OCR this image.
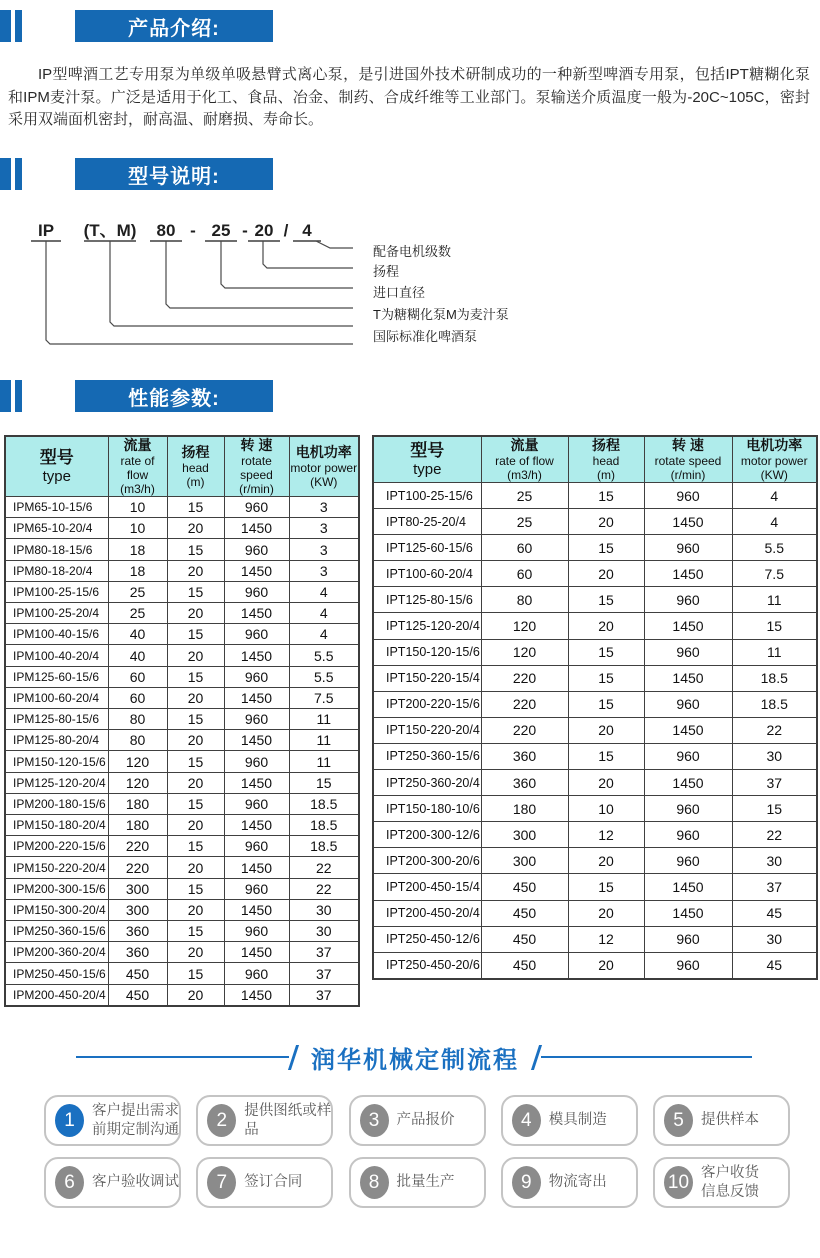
产品介绍:
IP型啤酒工艺专用泵为单级单吸悬臂式离心泵，是引进国外技术研制成功的一种新型啤酒专用泵，包括IPT糖糊化泵和IPM麦汁泵。广泛是适用于化工、食品、冶金、制药、合成纤维等工业部门。泵输送介质温度一般为-20C~105C，密封采用双端面机密封，耐高温、耐磨损、寿命长。
型号说明:
IP (T、M) 80 - 25 - 20 / 4
配备电机级数
扬程
进口直径
T为糖糊化泵M为麦汁泵
国际标准化啤酒泵
性能参数:
型号
type

流量
rate of flow
(m3/h)

扬程
head
(m)

转 速
rotate speed
(r/min)

电机功率
motor power
(KW)

IPM65-10-15/6	10	15	960	3
IPM65-10-20/4	10	20	1450	3
IPM80-18-15/6	18	15	960	3
IPM80-18-20/4	18	20	1450	3
IPM100-25-15/6	25	15	960	4
IPM100-25-20/4	25	20	1450	4
IPM100-40-15/6	40	15	960	4
IPM100-40-20/4	40	20	1450	5.5
IPM125-60-15/6	60	15	960	5.5
IPM100-60-20/4	60	20	1450	7.5
IPM125-80-15/6	80	15	960	11
IPM125-80-20/4	80	20	1450	11
IPM150-120-15/6	120	15	960	11
IPM125-120-20/4	120	20	1450	15
IPM200-180-15/6	180	15	960	18.5
IPM150-180-20/4	180	20	1450	18.5
IPM200-220-15/6	220	15	960	18.5
IPM150-220-20/4	220	20	1450	22
IPM200-300-15/6	300	15	960	22
IPM150-300-20/4	300	20	1450	30
IPM250-360-15/6	360	15	960	30
IPM200-360-20/4	360	20	1450	37
IPM250-450-15/6	450	15	960	37
IPM200-450-20/4	450	20	1450	37
型号
type

流量
rate of flow
(m3/h)

扬程
head
(m)

转 速
rotate speed
(r/min)

电机功率
motor power
(KW)

IPT100-25-15/6	25	15	960	4
IPT80-25-20/4	25	20	1450	4
IPT125-60-15/6	60	15	960	5.5
IPT100-60-20/4	60	20	1450	7.5
IPT125-80-15/6	80	15	960	11
IPT125-120-20/4	120	20	1450	15
IPT150-120-15/6	120	15	960	11
IPT150-220-15/4	220	15	1450	18.5
IPT200-220-15/6	220	15	960	18.5
IPT150-220-20/4	220	20	1450	22
IPT250-360-15/6	360	15	960	30
IPT250-360-20/4	360	20	1450	37
IPT150-180-10/6	180	10	960	15
IPT200-300-12/6	300	12	960	22
IPT200-300-20/6	300	20	960	30
IPT200-450-15/4	450	15	1450	37
IPT200-450-20/4	450	20	1450	45
IPT250-450-12/6	450	12	960	30
IPT250-450-20/6	450	20	960	45
润华机械定制流程
1	客户提出需求
前期定制沟通	2	提供图纸或样
品	3	产品报价	4	模具制造	5	提供样本
6	客户验收调试	7	签订合同	8	批量生产	9	物流寄出	10 客户收货
信息反馈
